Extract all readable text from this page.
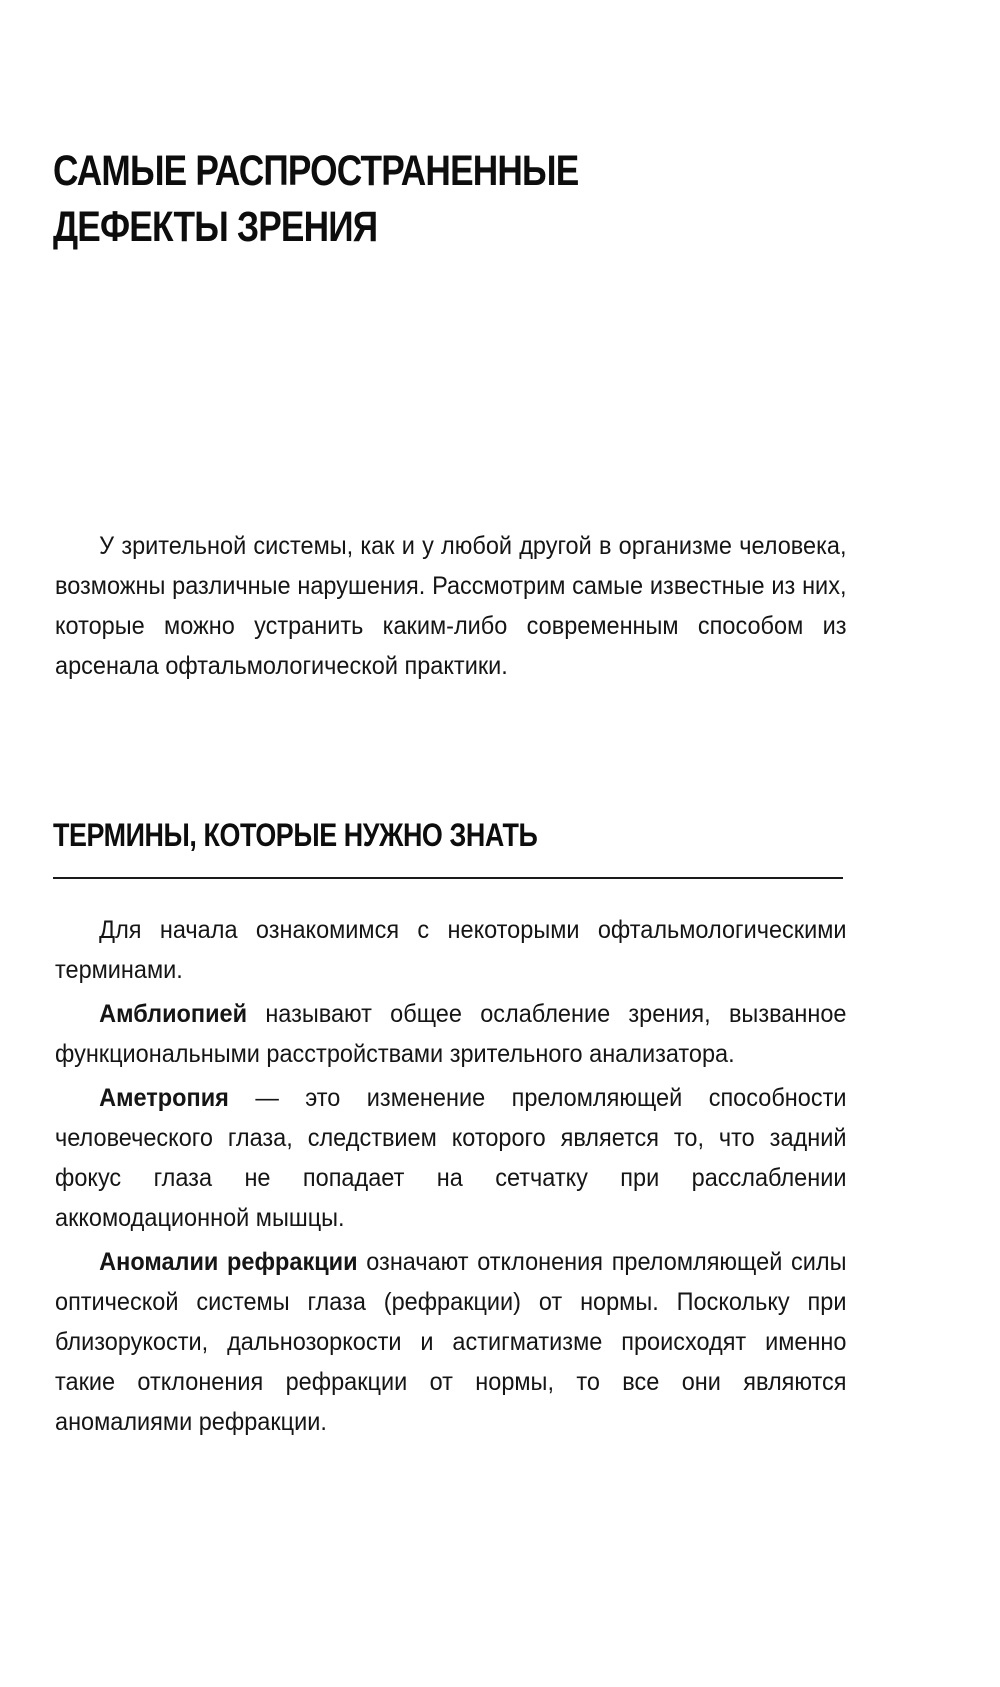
САМЫЕ РАСПРОСТРАНЕННЫЕ
ДЕФЕКТЫ ЗРЕНИЯ

У зрительной системы, как и у любой другой в организме человека, возможны различные нарушения. Рассмотрим самые известные из них, которые можно устранить каким-либо современным способом из арсенала офтальмологической практики.

ТЕРМИНЫ, КОТОРЫЕ НУЖНО ЗНАТЬ

Для начала ознакомимся с некоторыми офтальмологическими терминами.

Амблиопией называют общее ослабление зрения, вызванное функциональными расстройствами зрительного анализатора.

Аметропия — это изменение преломляющей способности человеческого глаза, следствием которого является то, что задний фокус глаза не попадает на сетчатку при расслаблении аккомодационной мышцы.

Аномалии рефракции означают отклонения преломляющей силы оптической системы глаза (рефракции) от нормы. Поскольку при близорукости, дальнозоркости и астигматизме происходят именно такие отклонения рефракции от нормы, то все они являются аномалиями рефракции.
